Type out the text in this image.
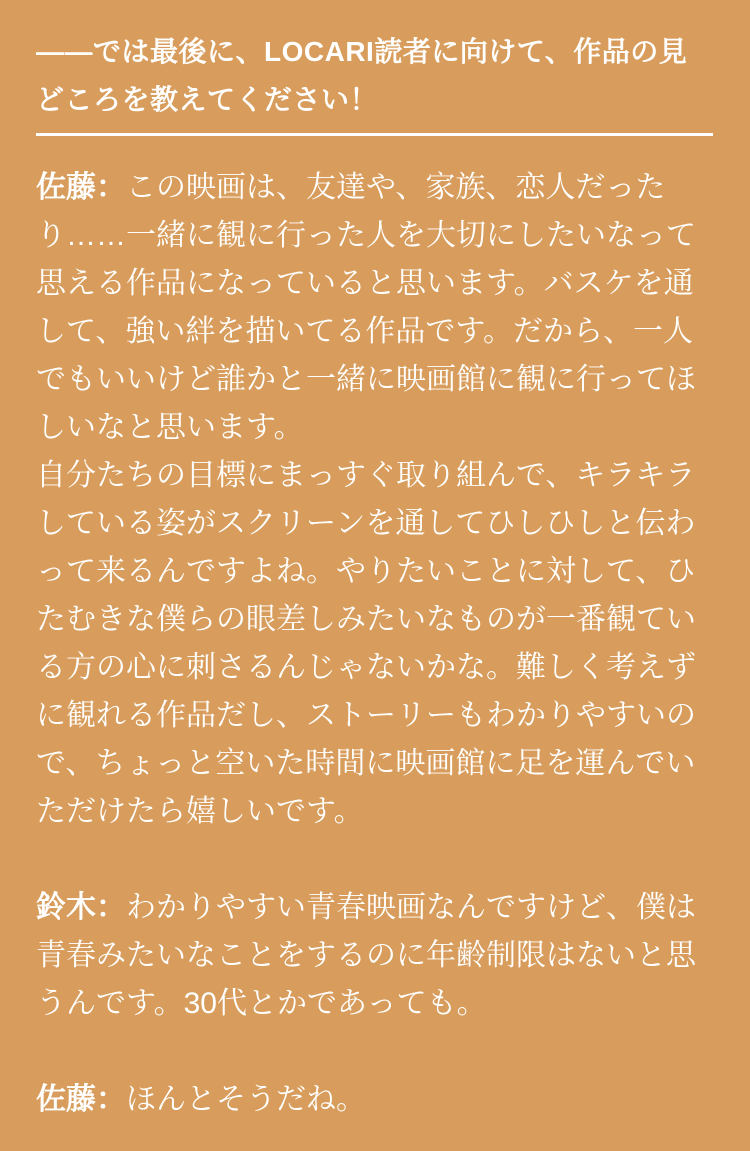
――では最後に、LOCARI読者に向けて、作品の見どころを教えてください！

佐藤：この映画は、友達や、家族、恋人だったり……一緒に観に行った人を大切にしたいなって思える作品になっていると思います。バスケを通して、強い絆を描いてる作品です。だから、一人でもいいけど誰かと一緒に映画館に観に行ってほしいなと思います。
自分たちの目標にまっすぐ取り組んで、キラキラしている姿がスクリーンを通してひしひしと伝わって来るんですよね。やりたいことに対して、ひたむきな僕らの眼差しみたいなものが一番観ている方の心に刺さるんじゃないかな。難しく考えずに観れる作品だし、ストーリーもわかりやすいので、ちょっと空いた時間に映画館に足を運んでいただけたら嬉しいです。

鈴木：わかりやすい青春映画なんですけど、僕は青春みたいなことをするのに年齢制限はないと思うんです。30代とかであっても。

佐藤：ほんとそうだね。
